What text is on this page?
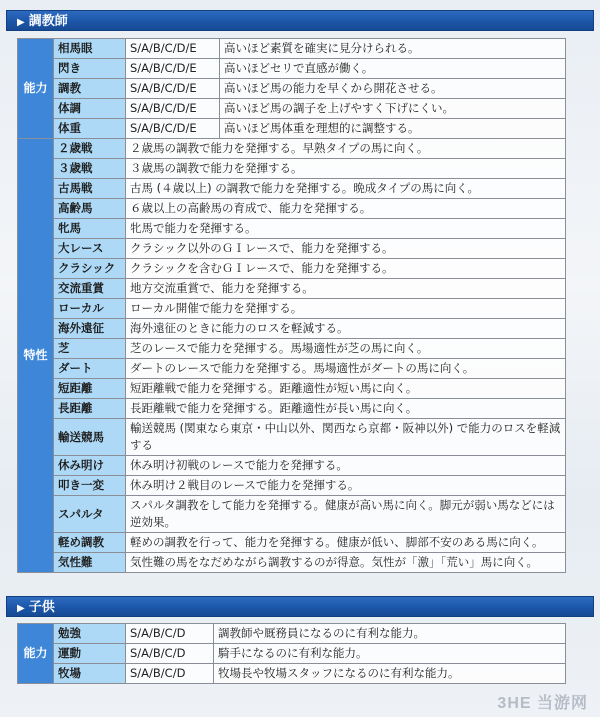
▶ 調教師
能力	相馬眼	S/A/B/C/D/E	高いほど素質を確実に見分けられる。
	閃き	S/A/B/C/D/E	高いほどセリで直感が働く。
	調教	S/A/B/C/D/E	高いほど馬の能力を早くから開花させる。
	体調	S/A/B/C/D/E	高いほど馬の調子を上げやすく下げにくい。
	体重	S/A/B/C/D/E	高いほど馬体重を理想的に調整する。
特性	２歳戦	２歳馬の調教で能力を発揮する。早熟タイプの馬に向く。	
	３歳戦	３歳馬の調教で能力を発揮する。	
	古馬戦	古馬 (４歳以上) の調教で能力を発揮する。晩成タイプの馬に向く。	
	高齢馬	６歳以上の高齢馬の育成で、能力を発揮する。	
	牝馬	牝馬で能力を発揮する。	
	大レース	クラシック以外のＧＩレースで、能力を発揮する。	
	クラシック	クラシックを含むＧＩレースで、能力を発揮する。	
	交流重賞	地方交流重賞で、能力を発揮する。	
	ローカル	ローカル開催で能力を発揮する。	
	海外遠征	海外遠征のときに能力のロスを軽減する。	
	芝	芝のレースで能力を発揮する。馬場適性が芝の馬に向く。	
	ダート	ダートのレースで能力を発揮する。馬場適性がダートの馬に向く。	
	短距離	短距離戦で能力を発揮する。距離適性が短い馬に向く。	
	長距離	長距離戦で能力を発揮する。距離適性が長い馬に向く。	
	輸送競馬	輸送競馬 (関東なら東京・中山以外、関西なら京都・阪神以外) で能力のロスを軽減する	
	休み明け	休み明け初戦のレースで能力を発揮する。	
	叩き一変	休み明け２戦目のレースで能力を発揮する。	
	スパルタ	スパルタ調教をして能力を発揮する。健康が高い馬に向く。脚元が弱い馬などには逆効果。	
	軽め調教	軽めの調教を行って、能力を発揮する。健康が低い、脚部不安のある馬に向く。	
	気性難	気性難の馬をなだめながら調教するのが得意。気性が「激」「荒い」馬に向く。	
▶ 子供
能力	勉強	S/A/B/C/D	調教師や厩務員になるのに有利な能力。
	運動	S/A/B/C/D	騎手になるのに有利な能力。
	牧場	S/A/B/C/D	牧場長や牧場スタッフになるのに有利な能力。
3HE 当游网
